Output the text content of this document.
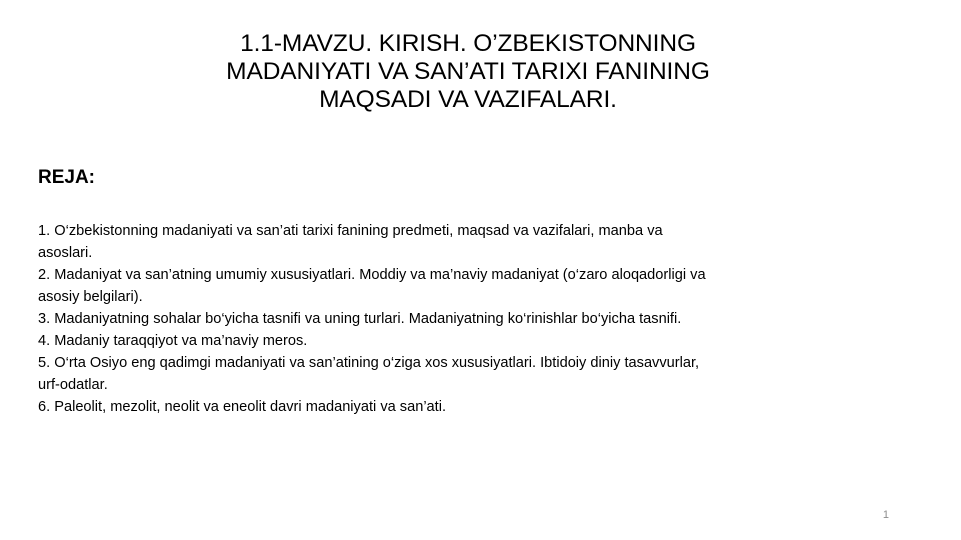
1.1-MAVZU. KIRISH. O’ZBEKISTONNING
MADANIYATI VA SAN’ATI TARIXI FANINING
MAQSADI VA VAZIFALARI.
REJA:
1. O‘zbekistonning madaniyati va san’ati tarixi fanining predmeti, maqsad va vazifalari, manba va
asoslari.
2. Madaniyat va san’atning umumiy xususiyatlari. Moddiy va ma’naviy madaniyat (o‘zaro aloqadorligi va
asosiy belgilari).
3. Madaniyatning sohalar bo‘yicha tasnifi va uning turlari. Madaniyatning ko‘rinishlar bo‘yicha tasnifi.
4. Madaniy taraqqiyot va ma’naviy meros.
5. O‘rta Osiyo eng qadimgi madaniyati va san’atining o‘ziga xos xususiyatlari. Ibtidoiy diniy tasavvurlar,
urf-odatlar.
6. Paleolit, mezolit, neolit va eneolit davri madaniyati va san’ati.
1
